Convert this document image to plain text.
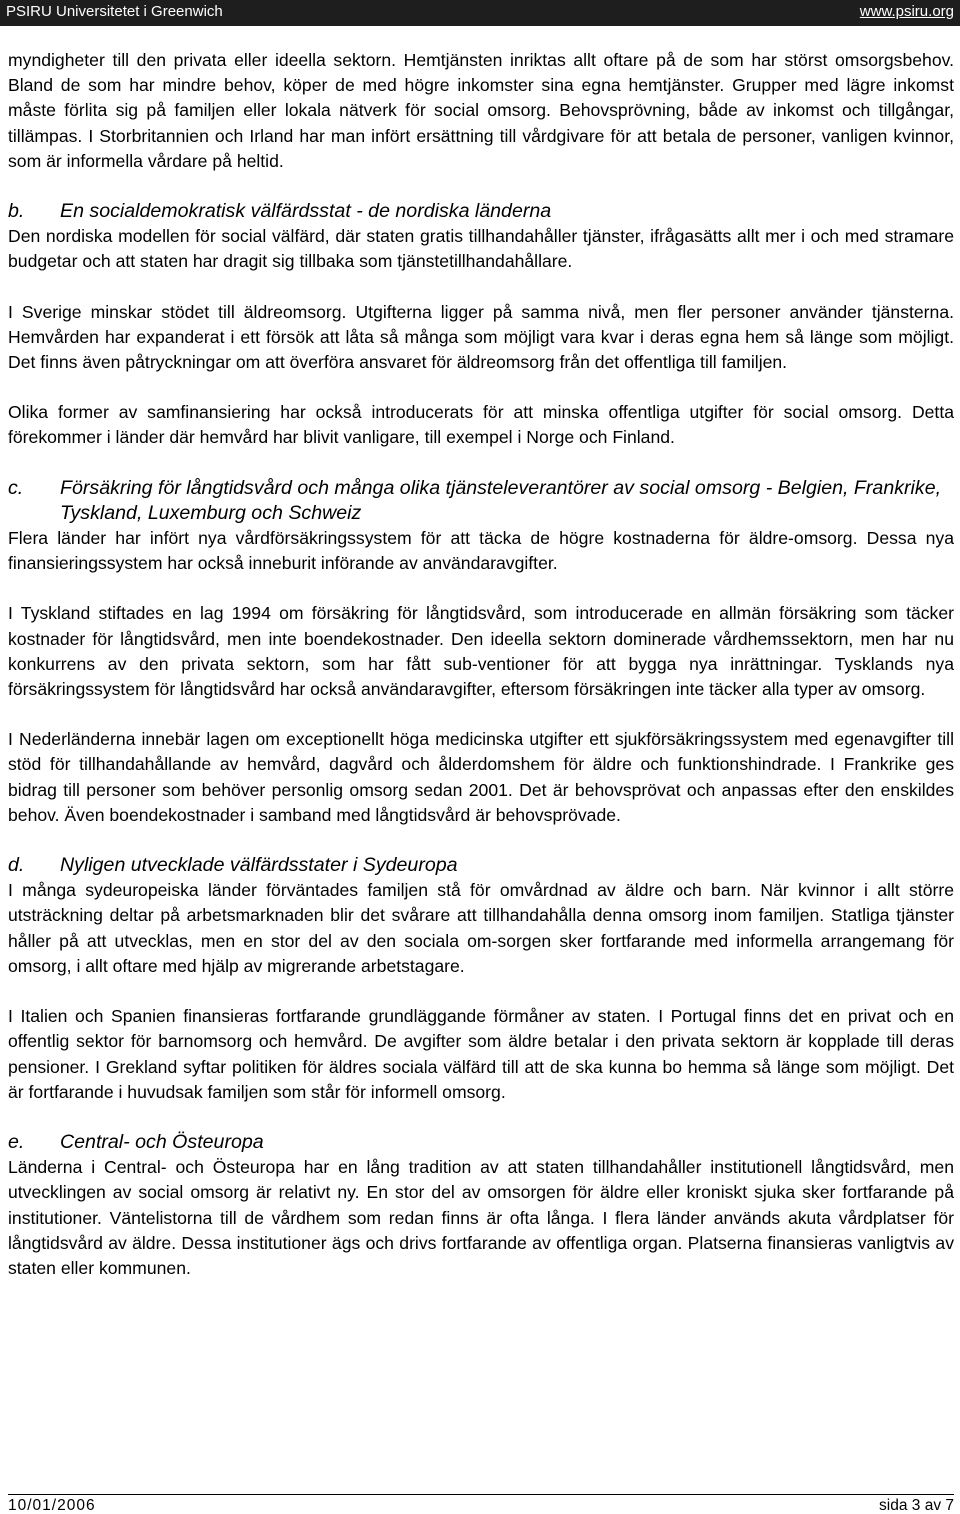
PSIRU Universitetet i Greenwich	www.psiru.org

myndigheter till den privata eller ideella sektorn. Hemtjänsten inriktas allt oftare på de som har störst omsorgsbehov. Bland de som har mindre behov, köper de med högre inkomster sina egna hemtjänster. Grupper med lägre inkomst måste förlita sig på familjen eller lokala nätverk för social omsorg. Behovsprövning, både av inkomst och tillgångar, tillämpas. I Storbritannien och Irland har man infört ersättning till vårdgivare för att betala de personer, vanligen kvinnor, som är informella vårdare på heltid.

b. En socialdemokratisk välfärdsstat - de nordiska länderna

Den nordiska modellen för social välfärd, där staten gratis tillhandahåller tjänster, ifrågasätts allt mer i och med stramare budgetar och att staten har dragit sig tillbaka som tjänstetillhandahållare.

I Sverige minskar stödet till äldreomsorg. Utgifterna ligger på samma nivå, men fler personer använder tjänsterna. Hemvården har expanderat i ett försök att låta så många som möjligt vara kvar i deras egna hem så länge som möjligt. Det finns även påtryckningar om att överföra ansvaret för äldreomsorg från det offentliga till familjen.

Olika former av samfinansiering har också introducerats för att minska offentliga utgifter för social omsorg. Detta förekommer i länder där hemvård har blivit vanligare, till exempel i Norge och Finland.

c. Försäkring för långtidsvård och många olika tjänsteleverantörer av social omsorg - Belgien, Frankrike, Tyskland, Luxemburg och Schweiz

Flera länder har infört nya vårdförsäkringssystem för att täcka de högre kostnaderna för äldre-omsorg. Dessa nya finansieringssystem har också inneburit införande av användaravgifter.

I Tyskland stiftades en lag 1994 om försäkring för långtidsvård, som introducerade en allmän försäkring som täcker kostnader för långtidsvård, men inte boendekostnader. Den ideella sektorn dominerade vårdhemssektorn, men har nu konkurrens av den privata sektorn, som har fått sub-ventioner för att bygga nya inrättningar. Tysklands nya försäkringssystem för långtidsvård har också användaravgifter, eftersom försäkringen inte täcker alla typer av omsorg.

I Nederländerna innebär lagen om exceptionellt höga medicinska utgifter ett sjukförsäkringssystem med egenavgifter till stöd för tillhandahållande av hemvård, dagvård och ålderdomshem för äldre och funktionshindrade. I Frankrike ges bidrag till personer som behöver personlig omsorg sedan 2001. Det är behovsprövat och anpassas efter den enskildes behov. Även boendekostnader i samband med långtidsvård är behovsprövade.

d. Nyligen utvecklade välfärdsstater i Sydeuropa

I många sydeuropeiska länder förväntades familjen stå för omvårdnad av äldre och barn. När kvinnor i allt större utsträckning deltar på arbetsmarknaden blir det svårare att tillhandahålla denna omsorg inom familjen. Statliga tjänster håller på att utvecklas, men en stor del av den sociala om-sorgen sker fortfarande med informella arrangemang för omsorg, i allt oftare med hjälp av migrerande arbetstagare.

I Italien och Spanien finansieras fortfarande grundläggande förmåner av staten. I Portugal finns det en privat och en offentlig sektor för barnomsorg och hemvård. De avgifter som äldre betalar i den privata sektorn är kopplade till deras pensioner. I Grekland syftar politiken för äldres sociala välfärd till att de ska kunna bo hemma så länge som möjligt. Det är fortfarande i huvudsak familjen som står för informell omsorg.

e. Central- och Östeuropa

Länderna i Central- och Östeuropa har en lång tradition av att staten tillhandahåller institutionell långtidsvård, men utvecklingen av social omsorg är relativt ny. En stor del av omsorgen för äldre eller kroniskt sjuka sker fortfarande på institutioner. Väntelistorna till de vårdhem som redan finns är ofta långa. I flera länder används akuta vårdplatser för långtidsvård av äldre. Dessa institutioner ägs och drivs fortfarande av offentliga organ. Platserna finansieras vanligtvis av staten eller kommunen.

10/01/2006	sida 3 av 7
